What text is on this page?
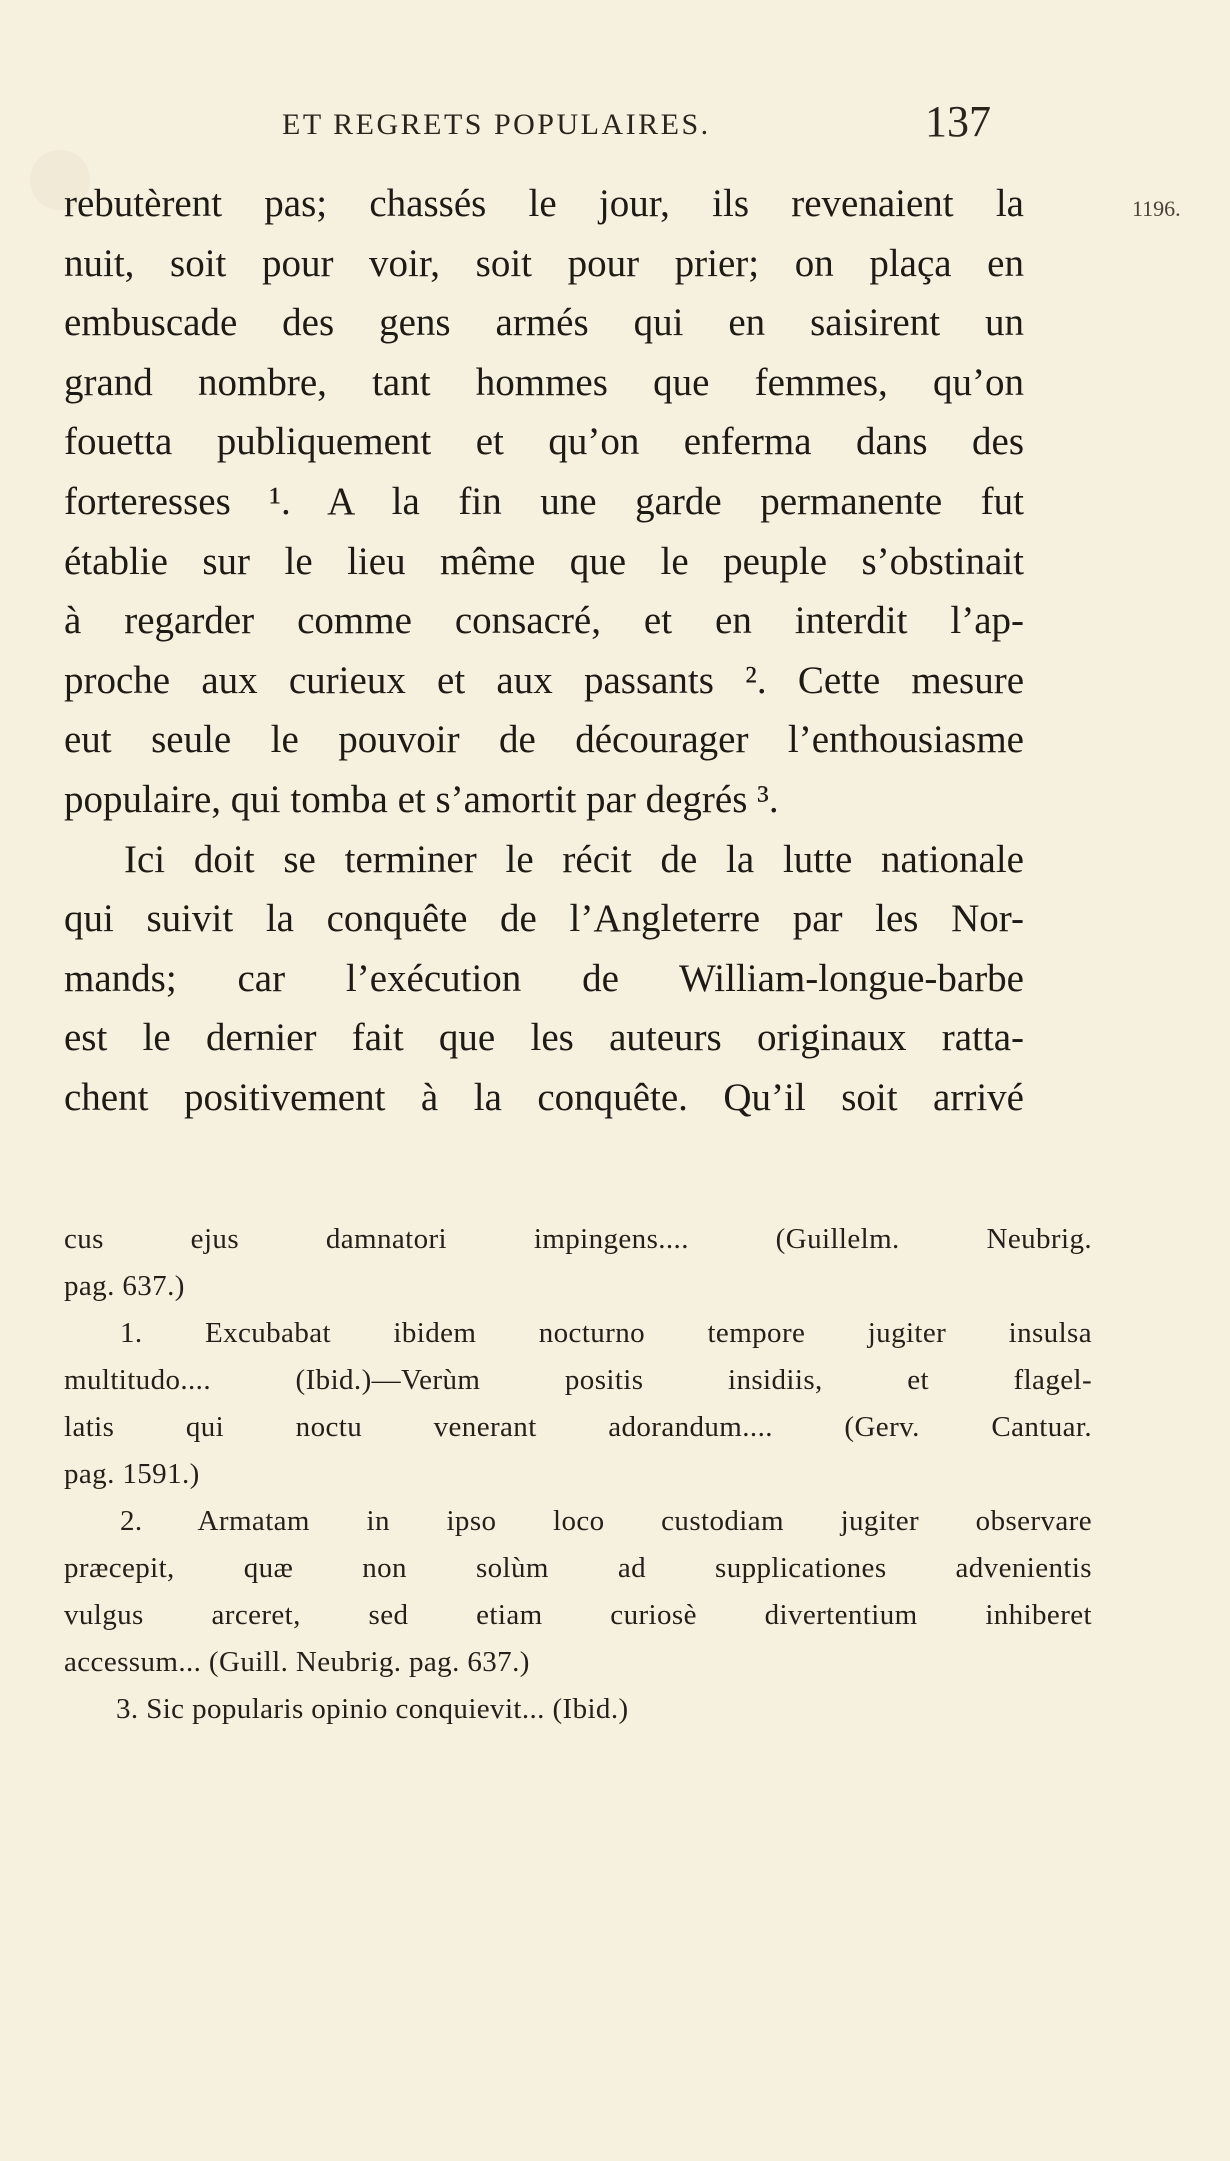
ET REGRETS POPULAIRES.	137
1196.
rebutèrent pas; chassés le jour, ils revenaient la
nuit, soit pour voir, soit pour prier; on plaça en
embuscade des gens armés qui en saisirent un
grand nombre, tant hommes que femmes, qu’on
fouetta publiquement et qu’on enferma dans des
forteresses ¹. A la fin une garde permanente fut
établie sur le lieu même que le peuple s’obstinait
à regarder comme consacré, et en interdit l’ap-
proche aux curieux et aux passants ². Cette mesure
eut seule le pouvoir de décourager l’enthousiasme
populaire, qui tomba et s’amortit par degrés ³.
Ici doit se terminer le récit de la lutte nationale
qui suivit la conquête de l’Angleterre par les Nor-
mands; car l’exécution de William-longue-barbe
est le dernier fait que les auteurs originaux ratta-
chent positivement à la conquête. Qu’il soit arrivé
cus ejus damnatori impingens.... (Guillelm. Neubrig.
pag. 637.)
1. Excubabat ibidem nocturno tempore jugiter insulsa
multitudo.... (Ibid.)—Verùm positis insidiis, et flagel-
latis qui noctu venerant adorandum.... (Gerv. Cantuar.
pag. 1591.)
2. Armatam in ipso loco custodiam jugiter observare
præcepit, quæ non solùm ad supplicationes advenientis
vulgus arceret, sed etiam curiosè divertentium inhiberet
accessum... (Guill. Neubrig. pag. 637.)
3. Sic popularis opinio conquievit... (Ibid.)
